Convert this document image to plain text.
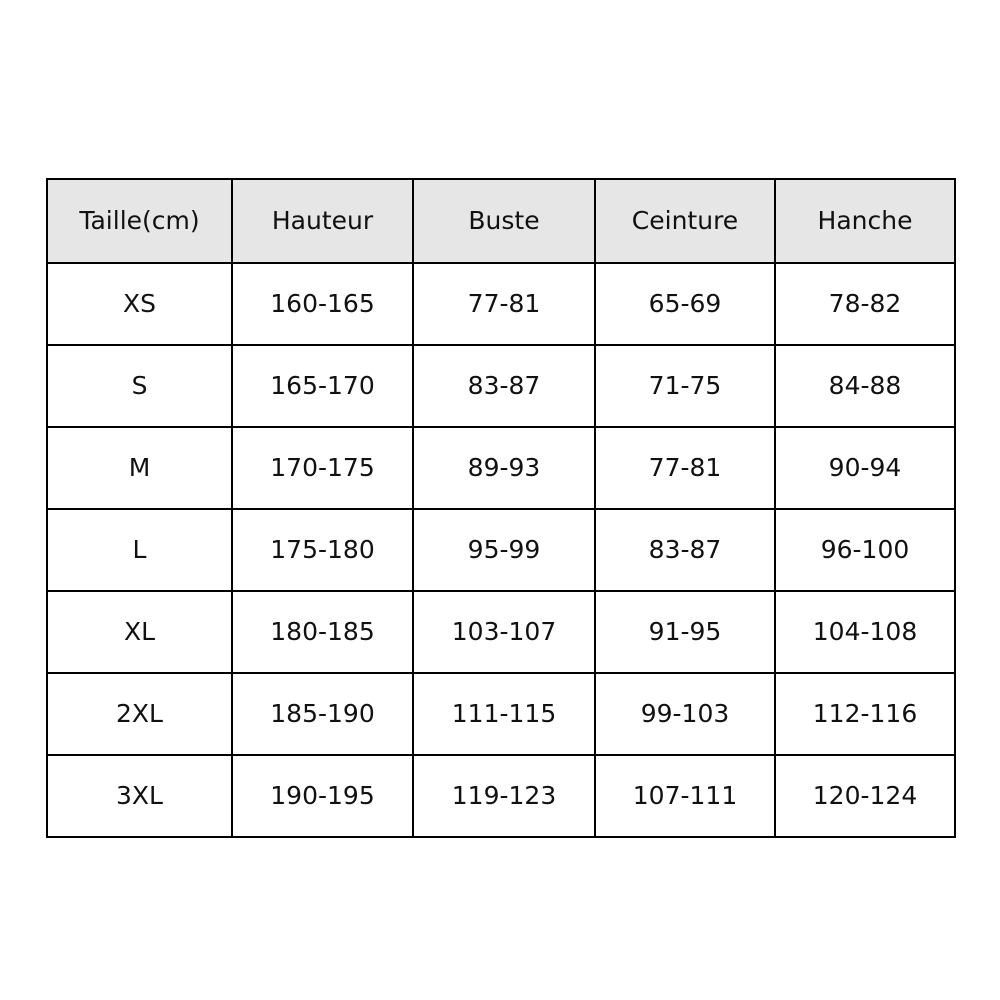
Taille(cm)	Hauteur	Buste	Ceinture	Hanche
XS	160-165	77-81	65-69	78-82
S	165-170	83-87	71-75	84-88
M	170-175	89-93	77-81	90-94
L	175-180	95-99	83-87	96-100
XL	180-185	103-107	91-95	104-108
2XL	185-190	111-115	99-103	112-116
3XL	190-195	119-123	107-111	120-124
